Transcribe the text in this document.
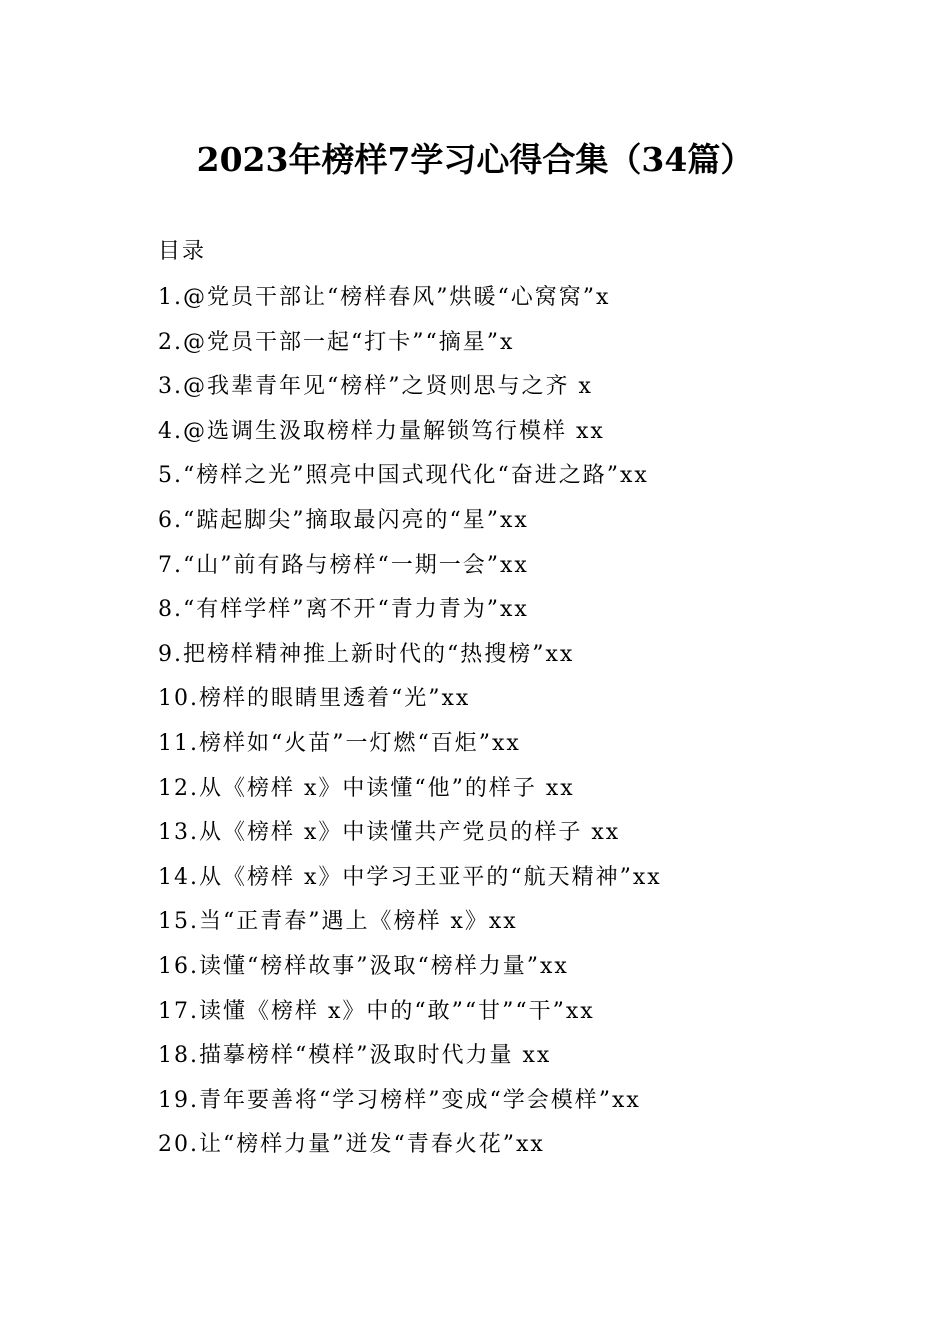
2023年榜样7学习心得合集（34篇）
目录
1.@党员干部让“榜样春风”烘暖“心窝窝”x
2.@党员干部一起“打卡”“摘星”x
3.@我辈青年见“榜样”之贤则思与之齐 x
4.@选调生汲取榜样力量解锁笃行模样 xx
5.“榜样之光”照亮中国式现代化“奋进之路”xx
6.“踮起脚尖”摘取最闪亮的“星”xx
7.“山”前有路与榜样“一期一会”xx
8.“有样学样”离不开“青力青为”xx
9.把榜样精神推上新时代的“热搜榜”xx
10.榜样的眼睛里透着“光”xx
11.榜样如“火苗”一灯燃“百炬”xx
12.从《榜样 x》中读懂“他”的样子 xx
13.从《榜样 x》中读懂共产党员的样子 xx
14.从《榜样 x》中学习王亚平的“航天精神”xx
15.当“正青春”遇上《榜样 x》xx
16.读懂“榜样故事”汲取“榜样力量”xx
17.读懂《榜样 x》中的“敢”“甘”“干”xx
18.描摹榜样“模样”汲取时代力量 xx
19.青年要善将“学习榜样”变成“学会模样”xx
20.让“榜样力量”迸发“青春火花”xx
